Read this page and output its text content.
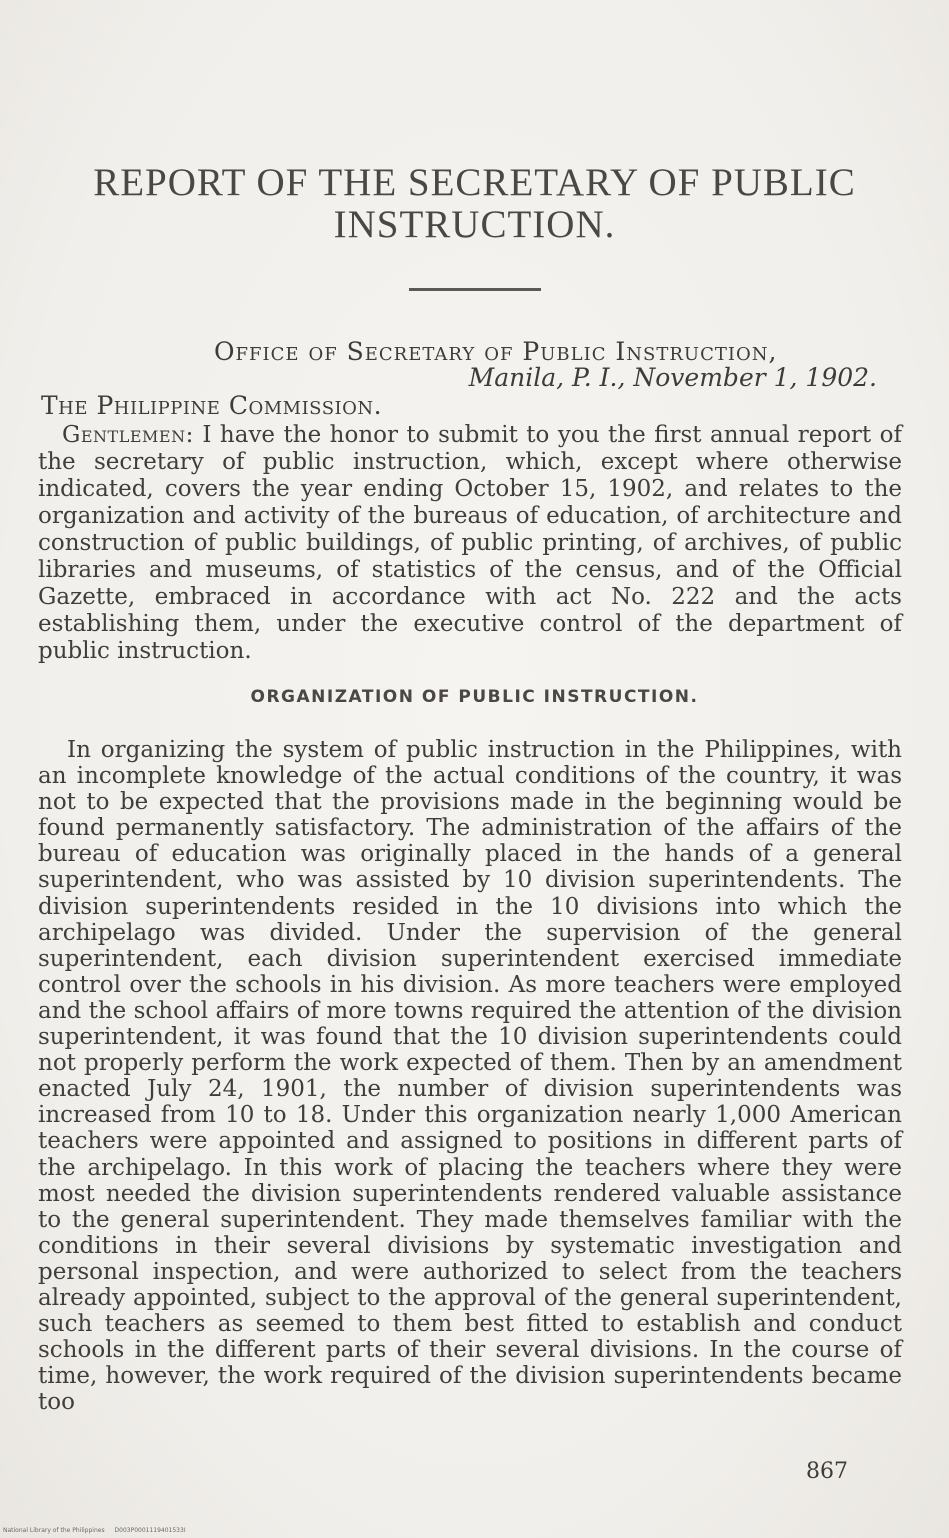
REPORT OF THE SECRETARY OF PUBLIC
INSTRUCTION.
Office of Secretary of Public Instruction,
Manila, P. I., November 1, 1902.
The Philippine Commission.

Gentlemen: I have the honor to submit to you the first annual report of the secretary of public instruction, which, except where otherwise indicated, covers the year ending October 15, 1902, and relates to the organization and activity of the bureaus of education, of architecture and construction of public buildings, of public printing, of archives, of public libraries and museums, of statistics of the census, and of the Official Gazette, embraced in accordance with act No. 222 and the acts establishing them, under the executive control of the department of public instruction.

ORGANIZATION OF PUBLIC INSTRUCTION.

In organizing the system of public instruction in the Philippines, with an incomplete knowledge of the actual conditions of the country, it was not to be expected that the provisions made in the beginning would be found permanently satisfactory. The administration of the affairs of the bureau of education was originally placed in the hands of a general superintendent, who was assisted by 10 division superintendents. The division superintendents resided in the 10 divisions into which the archipelago was divided. Under the supervision of the general superintendent, each division superintendent exercised immediate control over the schools in his division. As more teachers were employed and the school affairs of more towns required the attention of the division superintendent, it was found that the 10 division superintendents could not properly perform the work expected of them. Then by an amendment enacted July 24, 1901, the number of division superintendents was increased from 10 to 18. Under this organization nearly 1,000 American teachers were appointed and assigned to positions in different parts of the archipelago. In this work of placing the teachers where they were most needed the division superintendents rendered valuable assistance to the general superintendent. They made themselves familiar with the conditions in their several divisions by systematic investigation and personal inspection, and were authorized to select from the teachers already appointed, subject to the approval of the general superintendent, such teachers as seemed to them best fitted to establish and conduct schools in the different parts of their several divisions. In the course of time, however, the work required of the division superintendents became too

867
National Library of the Philippines D003P0001119401533I
